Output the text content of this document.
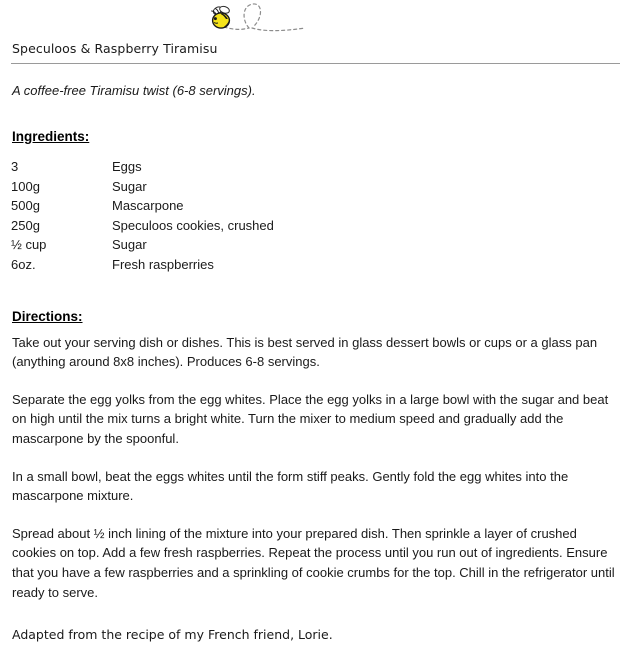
Speculoos & Raspberry Tiramisu
A coffee-free Tiramisu twist (6-8 servings).
Ingredients:
3	Eggs
100g	Sugar
500g	Mascarpone
250g	Speculoos cookies, crushed
½ cup	Sugar
6oz.	Fresh raspberries
Directions:

Take out your serving dish or dishes. This is best served in glass dessert bowls or cups or a glass pan (anything around 8x8 inches). Produces 6-8 servings.

Separate the egg yolks from the egg whites. Place the egg yolks in a large bowl with the sugar and beat on high until the mix turns a bright white. Turn the mixer to medium speed and gradually add the mascarpone by the spoonful.

In a small bowl, beat the eggs whites until the form stiff peaks. Gently fold the egg whites into the mascarpone mixture.

Spread about ½ inch lining of the mixture into your prepared dish. Then sprinkle a layer of crushed cookies on top. Add a few fresh raspberries. Repeat the process until you run out of ingredients. Ensure that you have a few raspberries and a sprinkling of cookie crumbs for the top. Chill in the refrigerator until ready to serve.

Adapted from the recipe of my French friend, Lorie.
